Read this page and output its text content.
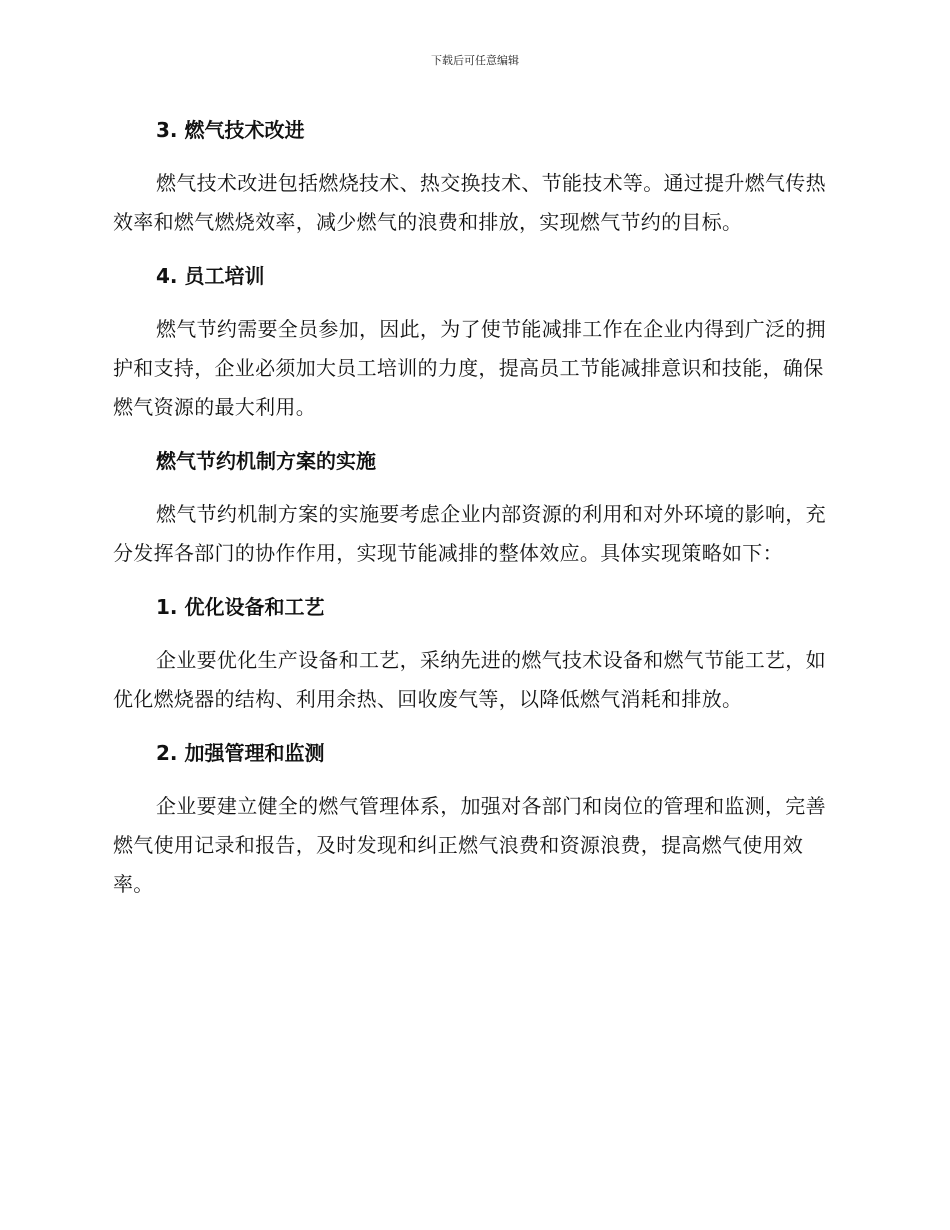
下载后可任意编辑
3. 燃气技术改进

燃气技术改进包括燃烧技术、热交换技术、节能技术等。通过提升燃气传热效率和燃气燃烧效率，减少燃气的浪费和排放，实现燃气节约的目标。

4. 员工培训

燃气节约需要全员参加，因此，为了使节能减排工作在企业内得到广泛的拥护和支持，企业必须加大员工培训的力度，提高员工节能减排意识和技能，确保燃气资源的最大利用。

燃气节约机制方案的实施

燃气节约机制方案的实施要考虑企业内部资源的利用和对外环境的影响，充分发挥各部门的协作作用，实现节能减排的整体效应。具体实现策略如下：

1. 优化设备和工艺

企业要优化生产设备和工艺，采纳先进的燃气技术设备和燃气节能工艺，如优化燃烧器的结构、利用余热、回收废气等，以降低燃气消耗和排放。

2. 加强管理和监测

企业要建立健全的燃气管理体系，加强对各部门和岗位的管理和监测，完善燃气使用记录和报告，及时发现和纠正燃气浪费和资源浪费，提高燃气使用效率。
